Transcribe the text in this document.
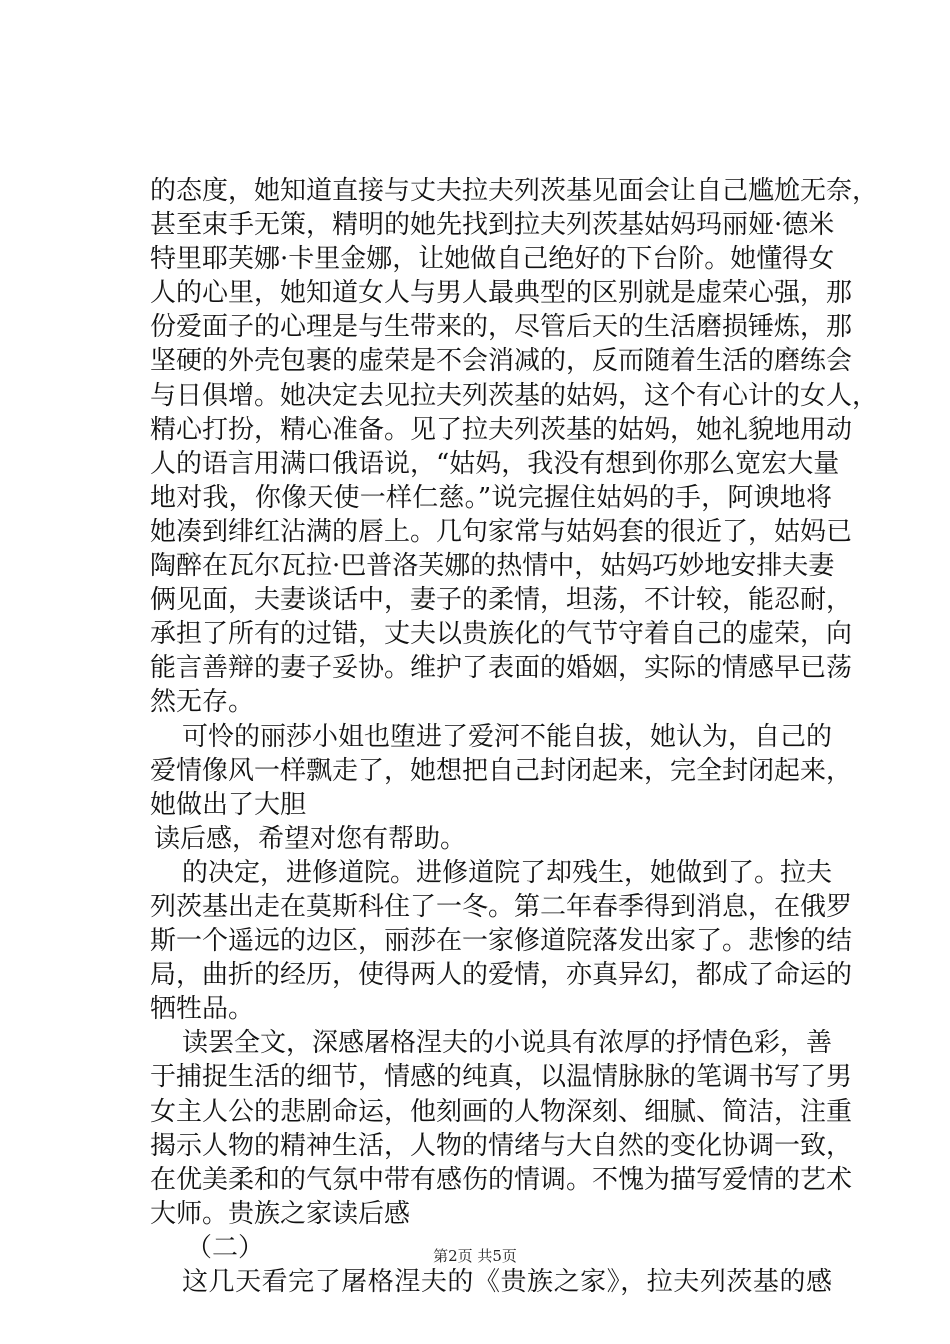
的态度，她知道直接与丈夫拉夫列茨基见面会让自己尴尬无奈，
甚至束手无策，精明的她先找到拉夫列茨基姑妈玛丽娅·德米
特里耶芙娜·卡里金娜，让她做自己绝好的下台阶。她懂得女
人的心里，她知道女人与男人最典型的区别就是虚荣心强，那
份爱面子的心理是与生带来的，尽管后天的生活磨损锤炼，那
坚硬的外壳包裹的虚荣是不会消减的，反而随着生活的磨练会
与日俱增。她决定去见拉夫列茨基的姑妈，这个有心计的女人，
精心打扮，精心准备。见了拉夫列茨基的姑妈，她礼貌地用动
人的语言用满口俄语说，“姑妈，我没有想到你那么宽宏大量
地对我，你像天使一样仁慈。”说完握住姑妈的手，阿谀地将
她凑到绯红沾满的唇上。几句家常与姑妈套的很近了，姑妈已
陶醉在瓦尔瓦拉·巴普洛芙娜的热情中，姑妈巧妙地安排夫妻
俩见面，夫妻谈话中，妻子的柔情，坦荡，不计较，能忍耐，
承担了所有的过错，丈夫以贵族化的气节守着自己的虚荣，向
能言善辩的妻子妥协。维护了表面的婚姻，实际的情感早已荡
然无存。
可怜的丽莎小姐也堕进了爱河不能自拔，她认为，自己的
爱情像风一样飘走了，她想把自己封闭起来，完全封闭起来，
她做出了大胆
读后感，希望对您有帮助。
的决定，进修道院。进修道院了却残生，她做到了。拉夫
列茨基出走在莫斯科住了一冬。第二年春季得到消息，在俄罗
斯一个遥远的边区，丽莎在一家修道院落发出家了。悲惨的结
局，曲折的经历，使得两人的爱情，亦真异幻，都成了命运的
牺牲品。
读罢全文，深感屠格涅夫的小说具有浓厚的抒情色彩，善
于捕捉生活的细节，情感的纯真，以温情脉脉的笔调书写了男
女主人公的悲剧命运，他刻画的人物深刻、细腻、简洁，注重
揭示人物的精神生活，人物的情绪与大自然的变化协调一致，
在优美柔和的气氛中带有感伤的情调。不愧为描写爱情的艺术
大师。贵族之家读后感
（二）
这几天看完了屠格涅夫的《贵族之家》，拉夫列茨基的感
第2页 共5页
